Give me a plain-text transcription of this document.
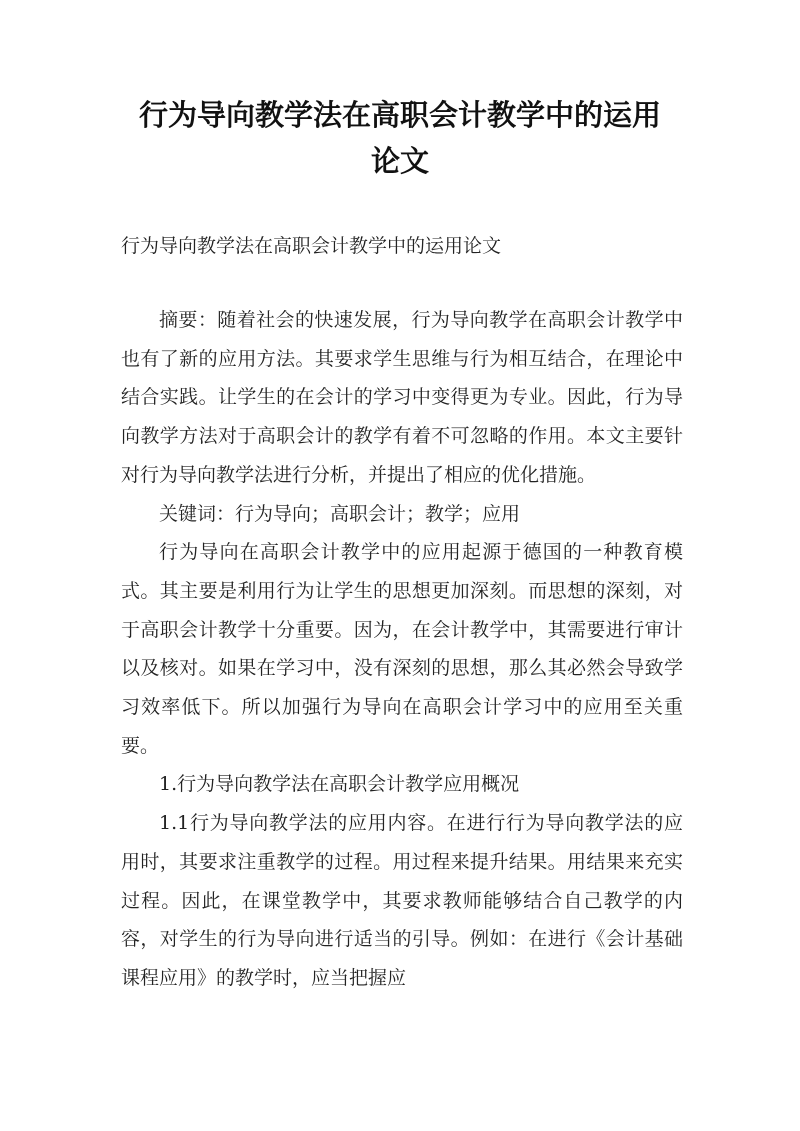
行为导向教学法在高职会计教学中的运用
论文
行为导向教学法在高职会计教学中的运用论文

摘要：随着社会的快速发展，行为导向教学在高职会计教学中也有了新的应用方法。其要求学生思维与行为相互结合，在理论中结合实践。让学生的在会计的学习中变得更为专业。因此，行为导向教学方法对于高职会计的教学有着不可忽略的作用。本文主要针对行为导向教学法进行分析，并提出了相应的优化措施。

关键词：行为导向；高职会计；教学；应用

行为导向在高职会计教学中的应用起源于德国的一种教育模式。其主要是利用行为让学生的思想更加深刻。而思想的深刻，对于高职会计教学十分重要。因为，在会计教学中，其需要进行审计以及核对。如果在学习中，没有深刻的思想，那么其必然会导致学习效率低下。所以加强行为导向在高职会计学习中的应用至关重要。

1.行为导向教学法在高职会计教学应用概况

1.1行为导向教学法的应用内容。在进行行为导向教学法的应用时，其要求注重教学的过程。用过程来提升结果。用结果来充实过程。因此，在课堂教学中，其要求教师能够结合自己教学的内容，对学生的行为导向进行适当的引导。例如：在进行《会计基础课程应用》的教学时，应当把握应
